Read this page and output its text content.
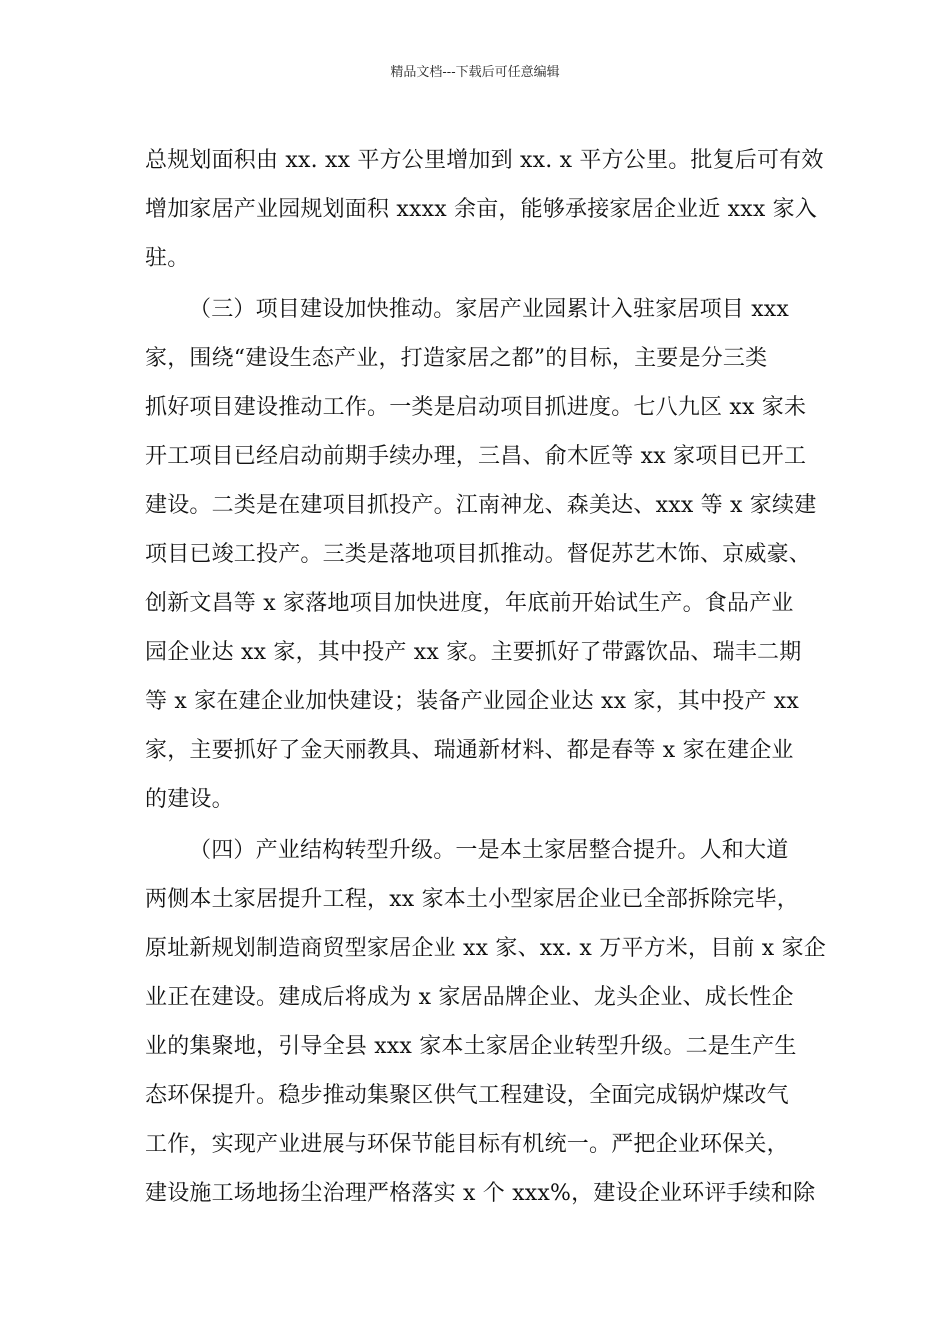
精品文档---下载后可任意编辑
总规划面积由 xx. xx 平方公里增加到 xx. x 平方公里。批复后可有效
增加家居产业园规划面积 xxxx 余亩，能够承接家居企业近 xxx 家入
驻。
（三）项目建设加快推动。家居产业园累计入驻家居项目 xxx
家，围绕“建设生态产业，打造家居之都”的目标，主要是分三类
抓好项目建设推动工作。一类是启动项目抓进度。七八九区 xx 家未
开工项目已经启动前期手续办理，三昌、俞木匠等 xx 家项目已开工
建设。二类是在建项目抓投产。江南神龙、森美达、xxx 等 x 家续建
项目已竣工投产。三类是落地项目抓推动。督促苏艺木饰、京威豪、
创新文昌等 x 家落地项目加快进度，年底前开始试生产。食品产业
园企业达 xx 家，其中投产 xx 家。主要抓好了带露饮品、瑞丰二期
等 x 家在建企业加快建设；装备产业园企业达 xx 家，其中投产 xx
家，主要抓好了金天丽教具、瑞通新材料、都是春等 x 家在建企业
的建设。
（四）产业结构转型升级。一是本土家居整合提升。人和大道
两侧本土家居提升工程，xx 家本土小型家居企业已全部拆除完毕，
原址新规划制造商贸型家居企业 xx 家、xx. x 万平方米，目前 x 家企
业正在建设。建成后将成为 x 家居品牌企业、龙头企业、成长性企
业的集聚地，引导全县 xxx 家本土家居企业转型升级。二是生产生
态环保提升。稳步推动集聚区供气工程建设，全面完成锅炉煤改气
工作，实现产业进展与环保节能目标有机统一。严把企业环保关，
建设施工场地扬尘治理严格落实 x 个 xxx%，建设企业环评手续和除
